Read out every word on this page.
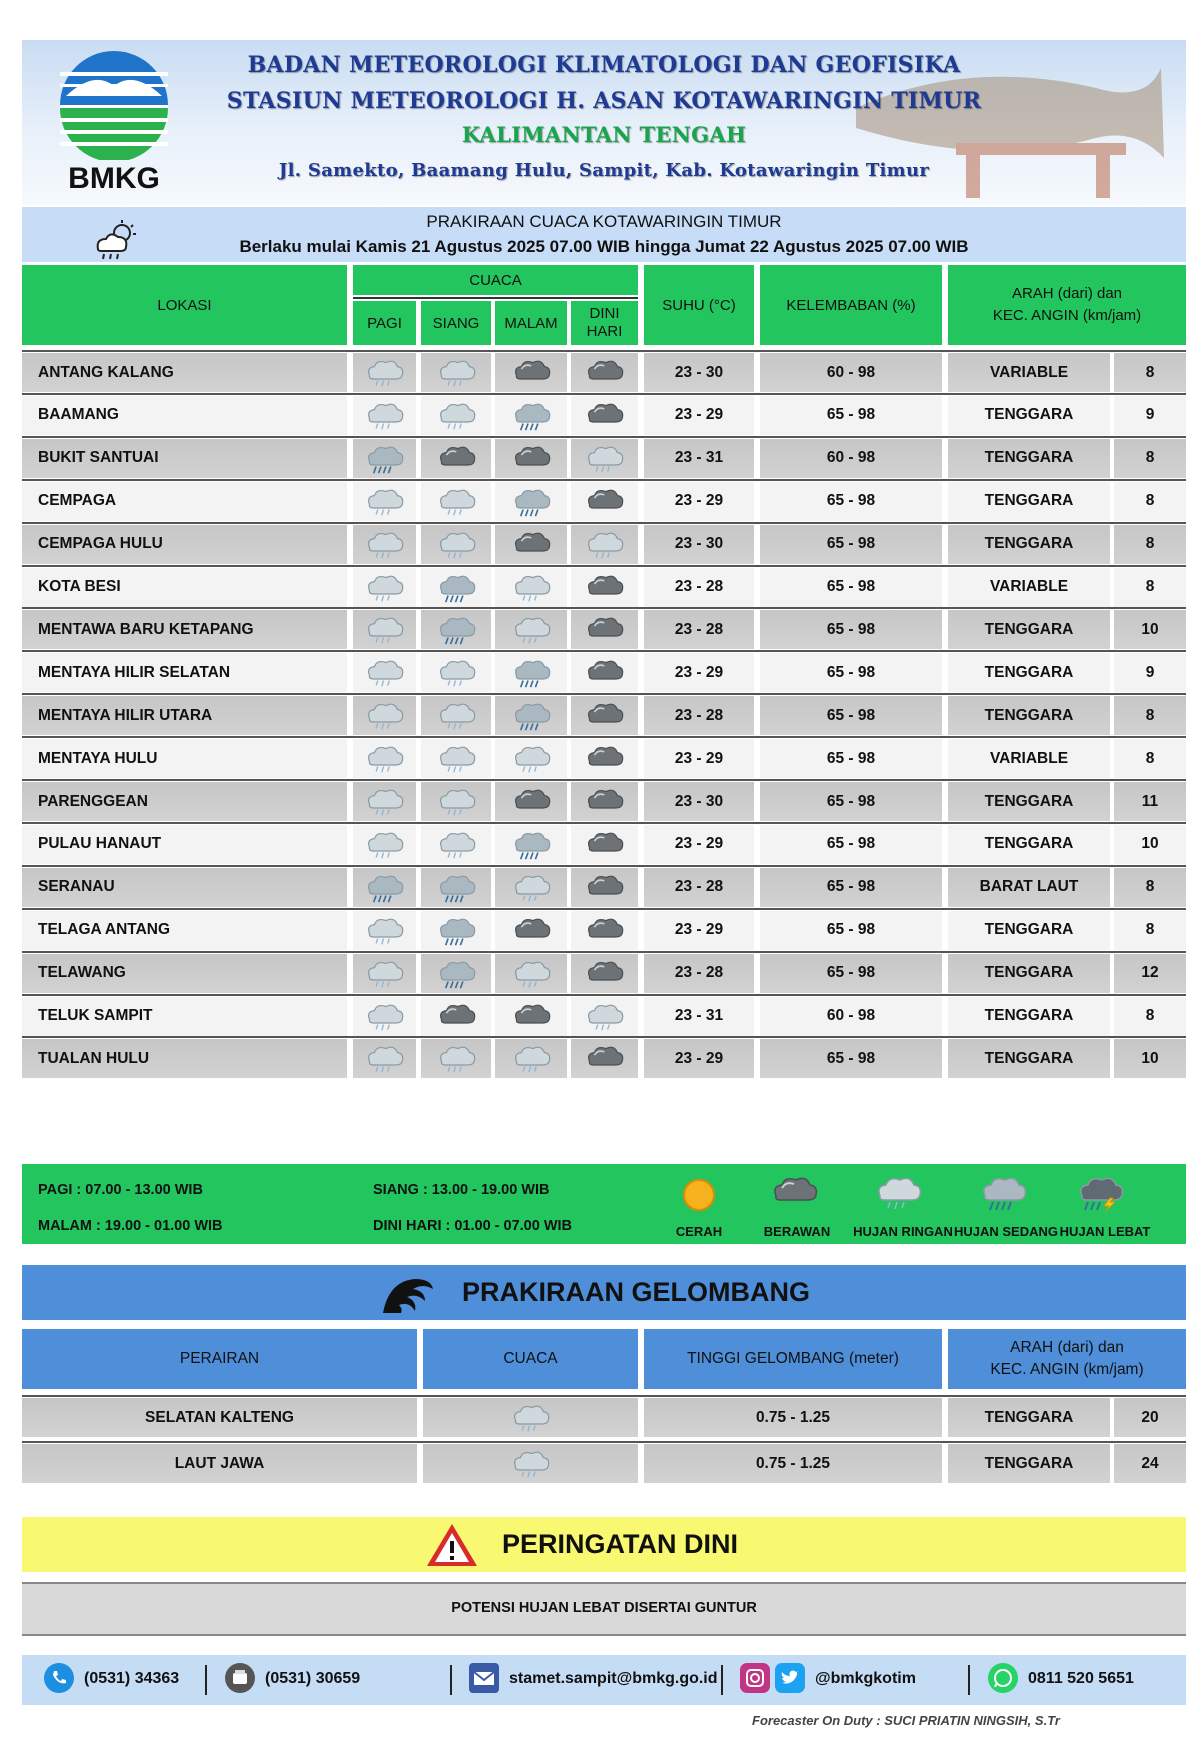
BADAN METEOROLOGI KLIMATOLOGI DAN GEOFISIKA
STASIUN METEOROLOGI H. ASAN KOTAWARINGIN TIMUR
KALIMANTAN TENGAH
Jl. Samekto, Baamang Hulu, Sampit, Kab. Kotawaringin Timur
BMKG
PRAKIRAAN CUACA KOTAWARINGIN TIMUR
Berlaku mulai Kamis 21 Agustus 2025 07.00 WIB hingga Jumat 22 Agustus 2025 07.00 WIB
LOKASI
CUACA
PAGI	SIANG	MALAM
DINI
HARI
SUHU (°C)	KELEMBABAN (%)
ARAH (dari) dan
KEC. ANGIN (km/jam)
ANTANG KALANG	23 - 30	60 - 98	VARIABLE	8
BAAMANG	23 - 29	65 - 98	TENGGARA	9
BUKIT SANTUAI	23 - 31	60 - 98	TENGGARA	8
CEMPAGA	23 - 29	65 - 98	TENGGARA	8
CEMPAGA HULU	23 - 30	65 - 98	TENGGARA	8
KOTA BESI	23 - 28	65 - 98	VARIABLE	8
MENTAWA BARU KETAPANG	23 - 28	65 - 98	TENGGARA	10
MENTAYA HILIR SELATAN	23 - 29	65 - 98	TENGGARA	9
MENTAYA HILIR UTARA	23 - 28	65 - 98	TENGGARA	8
MENTAYA HULU	23 - 29	65 - 98	VARIABLE	8
PARENGGEAN	23 - 30	65 - 98	TENGGARA	11
PULAU HANAUT	23 - 29	65 - 98	TENGGARA	10
SERANAU	23 - 28	65 - 98	BARAT LAUT	8
TELAGA ANTANG	23 - 29	65 - 98	TENGGARA	8
TELAWANG	23 - 28	65 - 98	TENGGARA	12
TELUK SAMPIT	23 - 31	60 - 98	TENGGARA	8
TUALAN HULU	23 - 29	65 - 98	TENGGARA	10
PAGI : 07.00 - 13.00 WIB	SIANG : 13.00 - 19.00 WIB
MALAM : 19.00 - 01.00 WIB	DINI HARI : 01.00 - 07.00 WIB	CERAH	BERAWAN	HUJAN RINGAN HUJAN SEDANG HUJAN LEBAT
PRAKIRAAN GELOMBANG
PERAIRAN	CUACA	TINGGI GELOMBANG (meter)
ARAH (dari) dan
KEC. ANGIN (km/jam)
SELATAN KALTENG	0.75 - 1.25	TENGGARA	20
LAUT JAWA	0.75 - 1.25	TENGGARA	24
PERINGATAN DINI
POTENSI HUJAN LEBAT DISERTAI GUNTUR
(0531) 34363	(0531) 30659	stamet.sampit@bmkg.go.id	@bmkgkotim	0811 520 5651
Forecaster On Duty : SUCI PRIATIN NINGSIH, S.Tr
